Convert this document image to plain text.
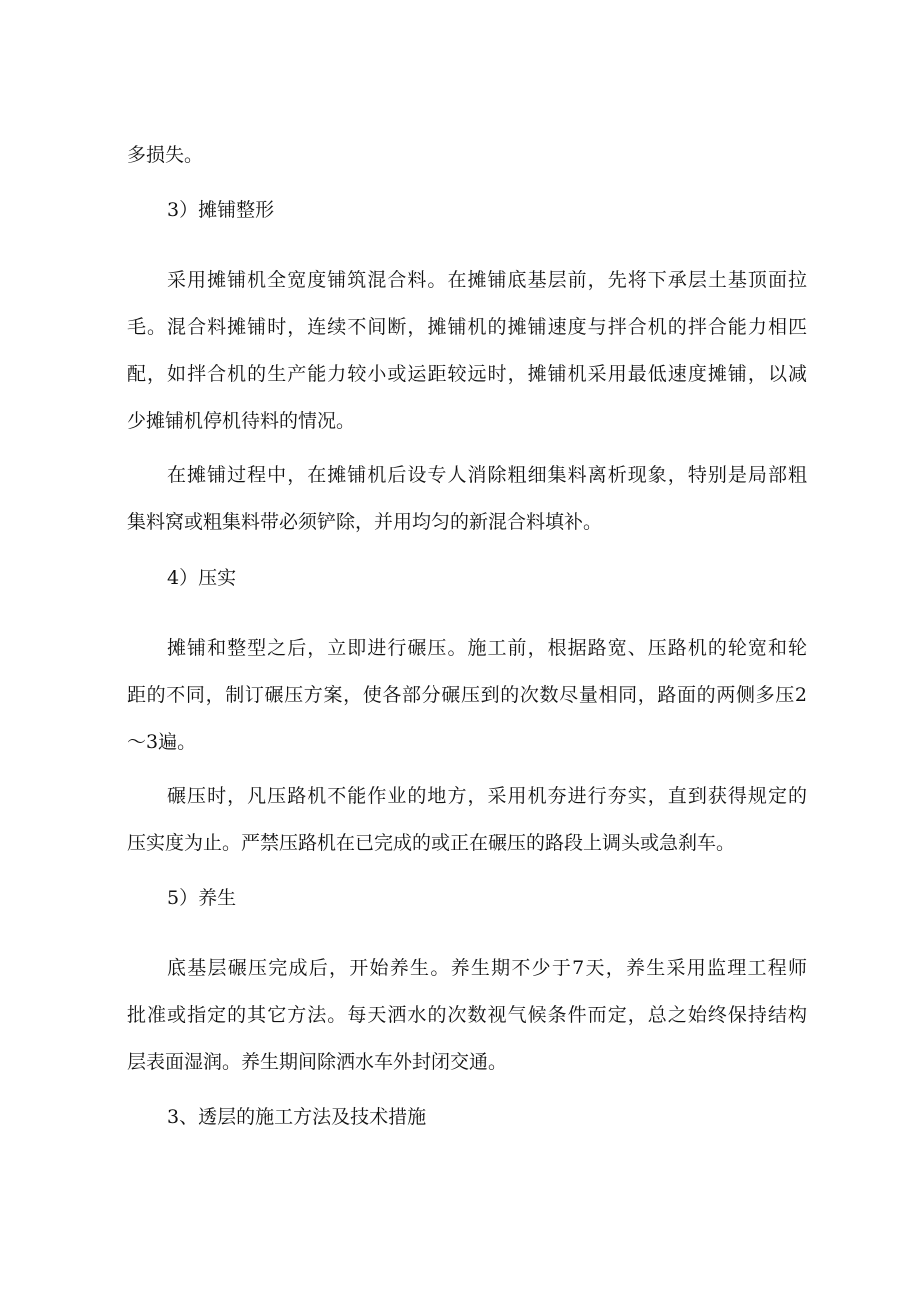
多损失。

3）摊铺整形

采用摊铺机全宽度铺筑混合料。在摊铺底基层前，先将下承层土基顶面拉

毛。混合料摊铺时，连续不间断，摊铺机的摊铺速度与拌合机的拌合能力相匹

配，如拌合机的生产能力较小或运距较远时，摊铺机采用最低速度摊铺，以减

少摊铺机停机待料的情况。

在摊铺过程中，在摊铺机后设专人消除粗细集料离析现象，特别是局部粗

集料窝或粗集料带必须铲除，并用均匀的新混合料填补。

4）压实

摊铺和整型之后，立即进行碾压。施工前，根据路宽、压路机的轮宽和轮

距的不同，制订碾压方案，使各部分碾压到的次数尽量相同，路面的两侧多压2

～3遍。

碾压时，凡压路机不能作业的地方，采用机夯进行夯实，直到获得规定的

压实度为止。严禁压路机在已完成的或正在碾压的路段上调头或急刹车。

5）养生

底基层碾压完成后，开始养生。养生期不少于7天，养生采用监理工程师

批准或指定的其它方法。每天洒水的次数视气候条件而定，总之始终保持结构

层表面湿润。养生期间除洒水车外封闭交通。

3、透层的施工方法及技术措施
